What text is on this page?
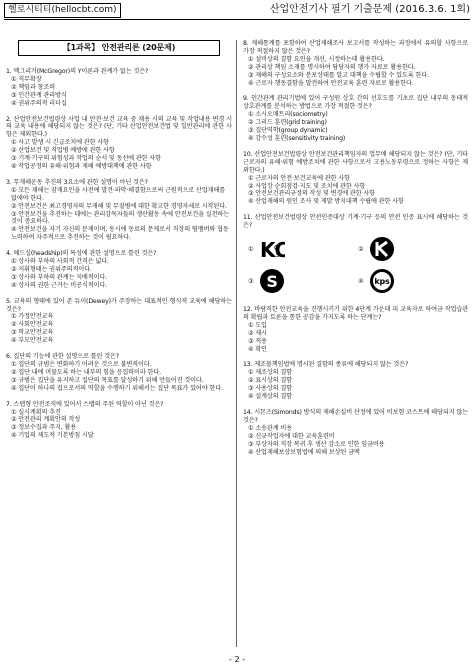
헬로시티티(hellocbt.com)	산업안전기사 필기 기출문제 (2016.3.6. 1회)
【1과목】 안전관리론 (20문제)
1. 맥그리거(McGregor)의 Y이론과 관계가 없는 것은?
① 직무확장
② 책임과 창조력
③ 인간관계 관리방식
④ 권위주의적 리더십
2. 산업안전보건법령상 사업 내 안전·보건 교육 중 채용 시의 교육 및 작업내용 변경 시의 교육 내용에 해당되지 않는 것은? (단, 기타 산업안전보건법 및 일반관리에 관한 사항은 제외한다.)
① 사고 발생 시 긴급조치에 관한 사항
② 산업보건 및 직업병 예방에 관한 사항
③ 기계·기구의 위험성과 작업의 순서 및 동선에 관한 사항
④ 작업공정의 유해·위험과 재해 예방대책에 관한 사항
3. 무재해운동 추진의 3요소에 관한 설명이 아닌 것은?
① 모든 재해는 잠재요인을 사전에 발견·파악·해결함으로써 근원적으로 산업재해를 없애야 한다.
② 안전보건은 최고경영자의 무재해 및 무질병에 대한 확고한 경영자세로 시작된다.
③ 안전보건을 추진하는 데에는 관리감독자들의 생산활동 속에 안전보건을 실천하는 것이 중요하다.
④ 안전보건을 자기 자신의 문제이며, 동시에 동료의 문제로서 직장의 팀멤버와 협동 노력하여 자주적으로 추진하는 것이 필요하다.
4. 헤드십(headship)의 특성에 관한 설명으로 틀린 것은?
① 상사와 부하의 사회적 간격은 넓다.
② 지휘형태는 권위주의적이다.
③ 상사와 부하의 관계는 지배적이다.
④ 상사의 권한 근거는 비공식적이다.
5. 교육의 형태에 있어 존 듀이(Dewey)가 주장하는 대표적인 형식적 교육에 해당하는 것은?
① 가정안전교육
② 사회안전교육
③ 학교안전교육
④ 부모안전교육
6. 집단의 기능에 관한 설명으로 틀린 것은?
① 집단의 규범은 변화하기 어려운 것으로 불변적이다.
② 집단 내에 머물도록 하는 내부의 힘을 응집력이라 한다.
③ 규범은 집단을 유지하고 집단의 목표를 달성하기 위해 만들어진 것이다.
④ 집단이 하나의 집으로서의 역할을 수행하기 위해서는 집단 목표가 있어야 한다.
7. 스탭형 안전조직에 있어서 스탭의 주된 역할이 아닌 것은?
① 실시계획의 추진
② 안전관리 계획안의 작성
③ 정보수집과 주지, 활용
④ 기업의 제도적 기본방침 시달
8. 재해통계를 포함하여 산업재해조사 보고서를 작성하는 과정에서 유의할 사항으로 가장 적절하지 않은 것은?
① 설비상의 결함 요인을 개선, 시정하는데 활용한다.
② 관리상 책임 소재를 명시하여 담당자의 행가 자료로 활용한다.
③ 재해의 구성요소와 분포상태를 알고 대책을 수립할 수 있도록 한다.
④ 근로자 행동결함을 발견하여 안전교육 훈련 자료로 활용한다.
9. 인간관계 관리기법에 있어 구성원 상호 간의 선호도를 기초로 집단 내부의 동태적 상호관계를 분석하는 방법으로 가장 적절한 것은?
① 소시오매트리(sociometry)
② 그리드 훈련(grid training)
③ 집단역학(group dynamic)
④ 감수성 훈련(sensitivity training)
10. 산업안전보건법령상 안전보건관리책임자의 업무에 해당되지 않는 것은? (단, 기타 근로자의 유해·위험 예방조치에 관한 사항으로서 고용노동부령으로 정하는 사항은 제외한다.)
① 근로자의 안전·보건교육에 관한 사항
② 사업장 순회점검·지도 및 조치에 관한 사항
③ 안전보건관리규정의 작성 및 변경에 관한 사항
④ 산업재해의 원인 조사 및 재발 방지대책 수립에 관한 사항
11. 산업안전보건법령상 안전인증대상 기계·기구 등의 안전 인증 표시에 해당하는 것은?
① KC
C
s
②
③ S	④ kps
12. 바람직한 안전교육을 진행시키기 위한 4단계 가운데 피 교육자로 하여금 작업습관의 확립과 토론을 통한 공감을 가지도록 하는 단계는?
① 도입
② 제시
③ 적용
④ 확인
13. 제조물책임법에 명시된 결함의 종류에 해당되지 않는 것은?
① 제조상의 결함
② 표시상의 결함
③ 사용상의 결함
④ 설계상의 결함
14. 시몬즈(Simonds) 방식의 재해손실비 산정에 있어 비보험 코스트에 해당되지 않는 것은?
① 소송관계 비용
② 신규작업자에 대한 교육훈련비
③ 부상자의 직장 복귀 후 생산 감소로 인한 임금비용
④ 산업재해보상보험법에 의해 보상된 금액
- 2 -
